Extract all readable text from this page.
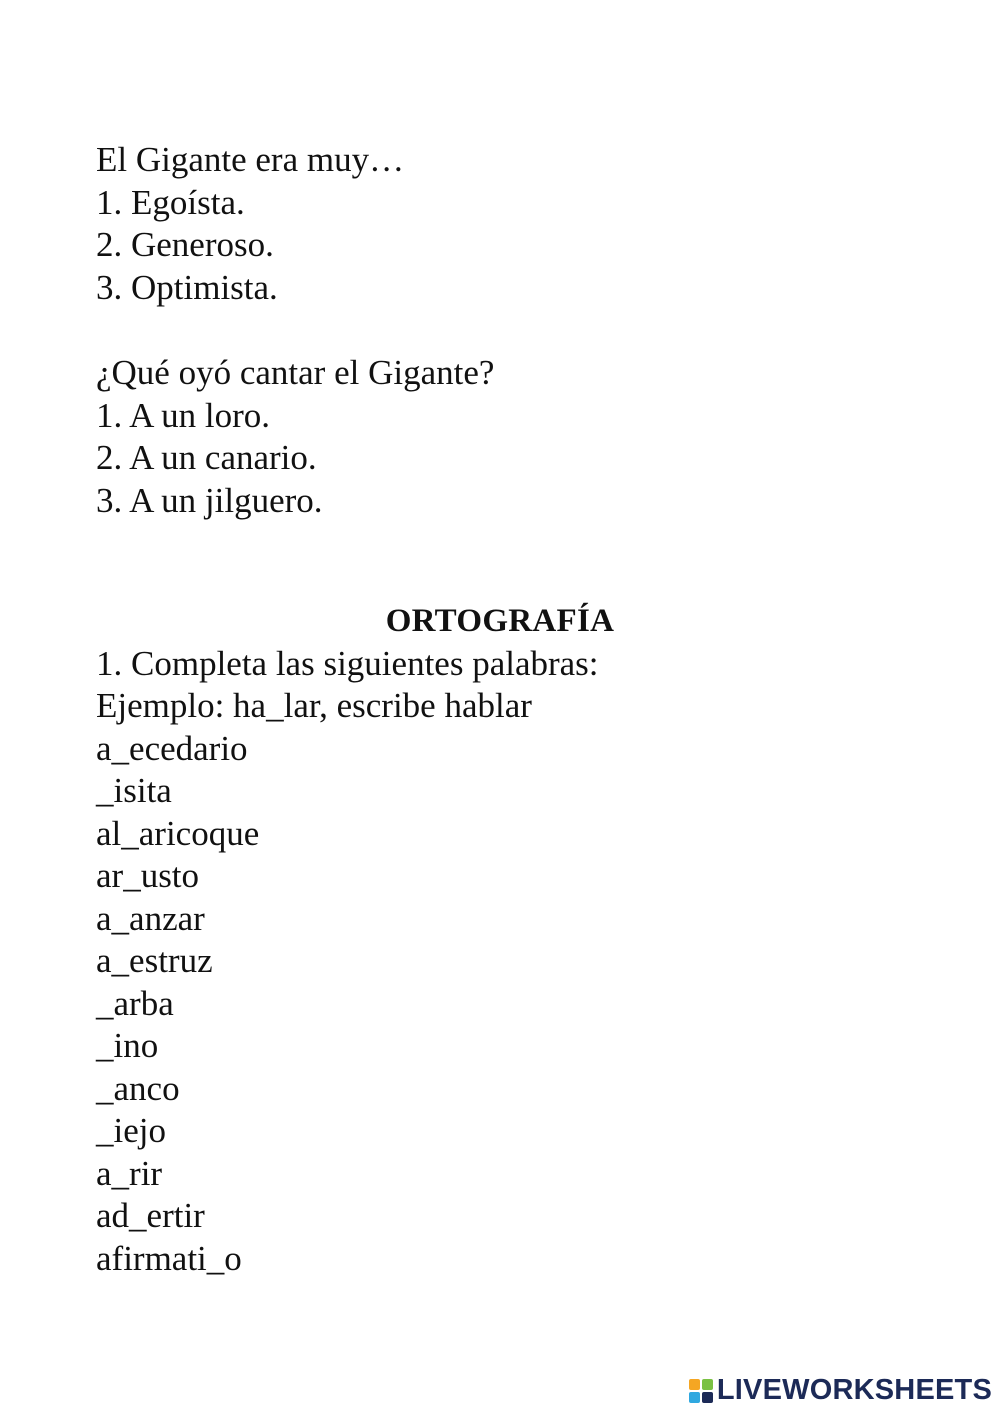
El Gigante era muy…
1. Egoísta.
2. Generoso.
3. Optimista.
¿Qué oyó cantar el Gigante?
1. A un loro.
2. A un canario.
3. A un jilguero.
ORTOGRAFÍA
1. Completa las siguientes palabras:
Ejemplo: ha_lar, escribe hablar
a_ecedario
_isita
al_aricoque
ar_usto
a_anzar
a_estruz
_arba
_ino
_anco
_iejo
a_rir
ad_ertir
afirmati_o
LIVEWORKSHEETS
